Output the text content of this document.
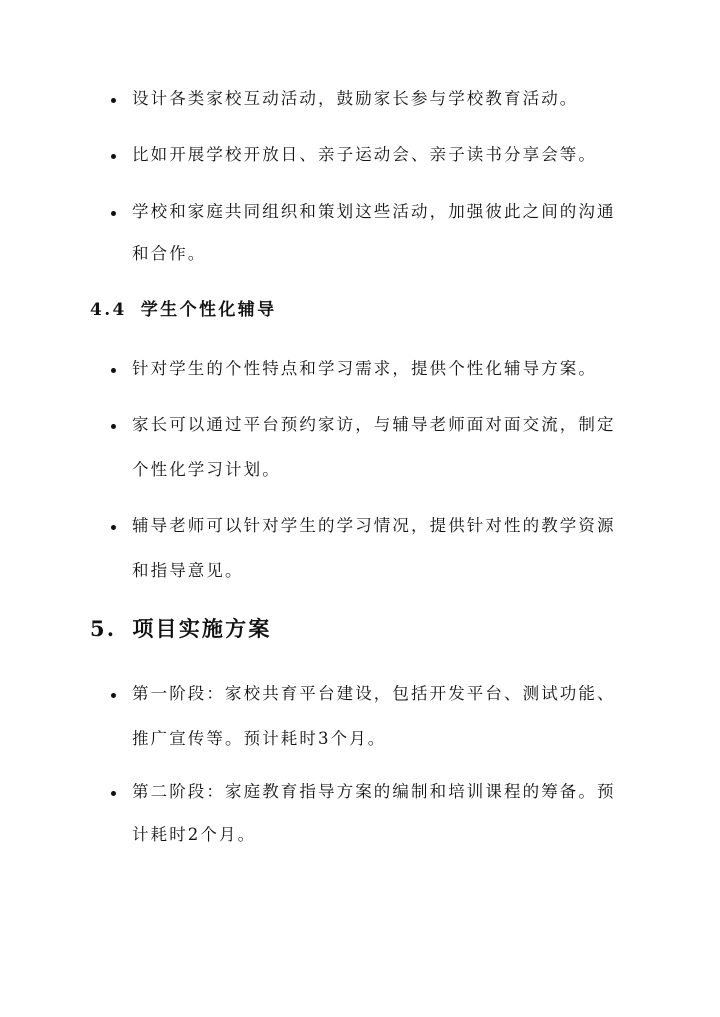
设计各类家校互动活动，鼓励家长参与学校教育活动。
比如开展学校开放日、亲子运动会、亲子读书分享会等。
学校和家庭共同组织和策划这些活动，加强彼此之间的沟通
和合作。
4.4 学生个性化辅导
针对学生的个性特点和学习需求，提供个性化辅导方案。
家长可以通过平台预约家访，与辅导老师面对面交流，制定
个性化学习计划。
辅导老师可以针对学生的学习情况，提供针对性的教学资源
和指导意见。
5. 项目实施方案
第一阶段：家校共育平台建设，包括开发平台、测试功能、
推广宣传等。预计耗时3个月。
第二阶段：家庭教育指导方案的编制和培训课程的筹备。预
计耗时2个月。
